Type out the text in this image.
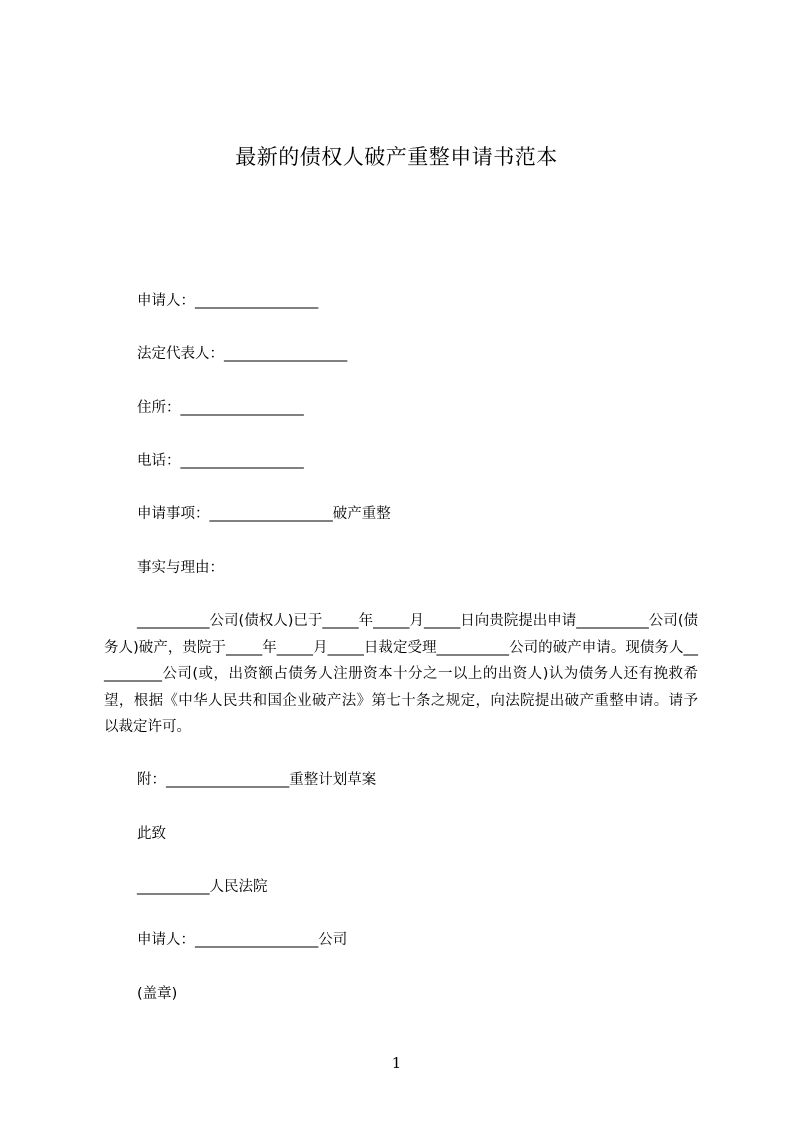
最新的债权人破产重整申请书范本
申请人：_________________
法定代表人：_________________
住所：_________________
电话：_________________
申请事项：_________________破产重整
事实与理由：
__________公司(债权人)已于_____年_____月_____日向贵院提出申请__________公司(债务人)破产，贵院于_____年_____月_____日裁定受理__________公司的破产申请。现债务人__________公司(或，出资额占债务人注册资本十分之一以上的出资人)认为债务人还有挽救希望，根据《中华人民共和国企业破产法》第七十条之规定，向法院提出破产重整申请。请予以裁定许可。
附：_________________重整计划草案
此致
__________人民法院
申请人：_________________公司
(盖章)
1
